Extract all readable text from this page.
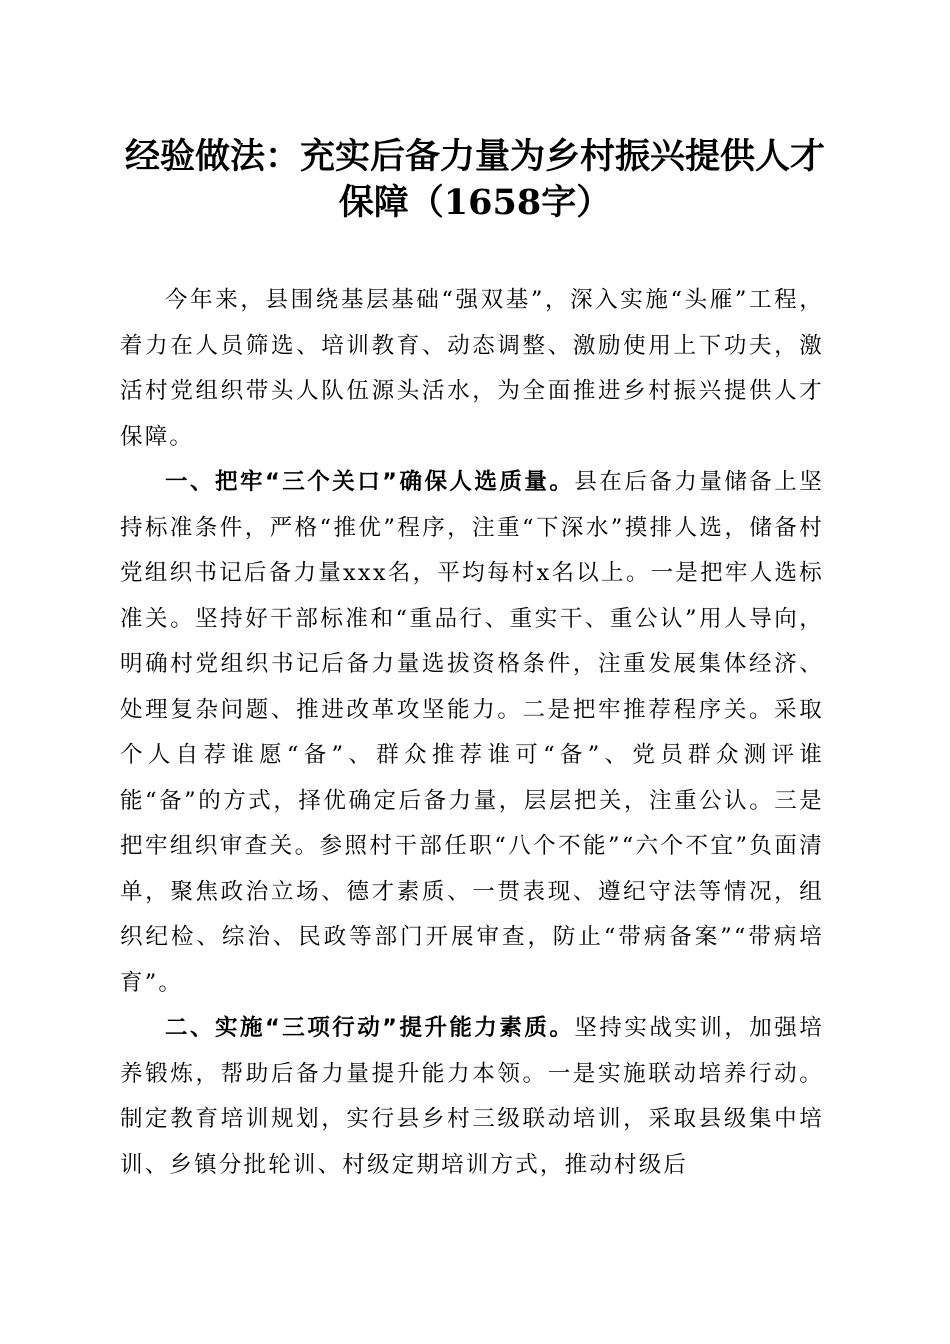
经验做法：充实后备力量为乡村振兴提供人才
保障（1658字）

今年来，县围绕基层基础“强双基”，深入实施“头雁”工程，着力在人员筛选、培训教育、动态调整、激励使用上下功夫，激活村党组织带头人队伍源头活水，为全面推进乡村振兴提供人才保障。

一、把牢“三个关口”确保人选质量。县在后备力量储备上坚持标准条件，严格“推优”程序，注重“下深水”摸排人选，储备村党组织书记后备力量xxx名，平均每村x名以上。一是把牢人选标准关。坚持好干部标准和“重品行、重实干、重公认”用人导向，明确村党组织书记后备力量选拔资格条件，注重发展集体经济、处理复杂问题、推进改革攻坚能力。二是把牢推荐程序关。采取个人自荐谁愿“备”、群众推荐谁可“备”、党员群众测评谁能“备”的方式，择优确定后备力量，层层把关，注重公认。三是把牢组织审查关。参照村干部任职“八个不能”“六个不宜”负面清单，聚焦政治立场、德才素质、一贯表现、遵纪守法等情况，组织纪检、综治、民政等部门开展审查，防止“带病备案”“带病培育”。

二、实施“三项行动”提升能力素质。坚持实战实训，加强培养锻炼，帮助后备力量提升能力本领。一是实施联动培养行动。制定教育培训规划，实行县乡村三级联动培训，采取县级集中培训、乡镇分批轮训、村级定期培训方式，推动村级后
